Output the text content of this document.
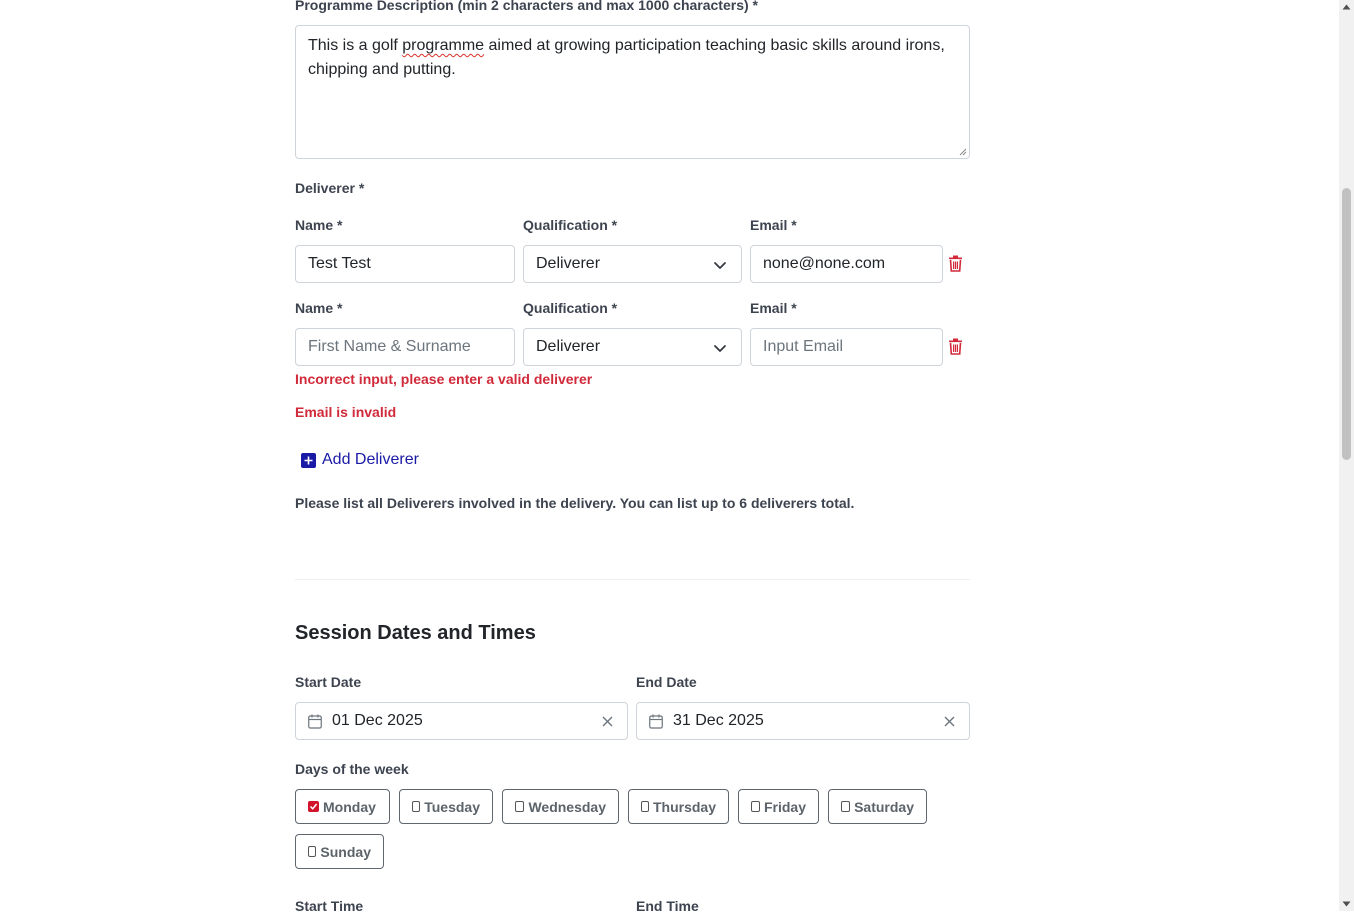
Programme Description (min 2 characters and max 1000 characters) *
This is a golf programme aimed at growing participation teaching basic skills around irons, chipping and putting.
Deliverer *
Name *	Qualification *	Email *
Test Test	Deliverer	none@none.com
Name *	Qualification *	Email *
First Name & Surname	Deliverer	Input Email
Incorrect input, please enter a valid deliverer
Email is invalid
Add Deliverer
Please list all Deliverers involved in the delivery. You can list up to 6 deliverers total.
Session Dates and Times
Start Date	End Date
01 Dec 2025	31 Dec 2025
Days of the week
Monday	Tuesday	Wednesday	Thursday	Friday	Saturday
Sunday
Start Time	End Time
